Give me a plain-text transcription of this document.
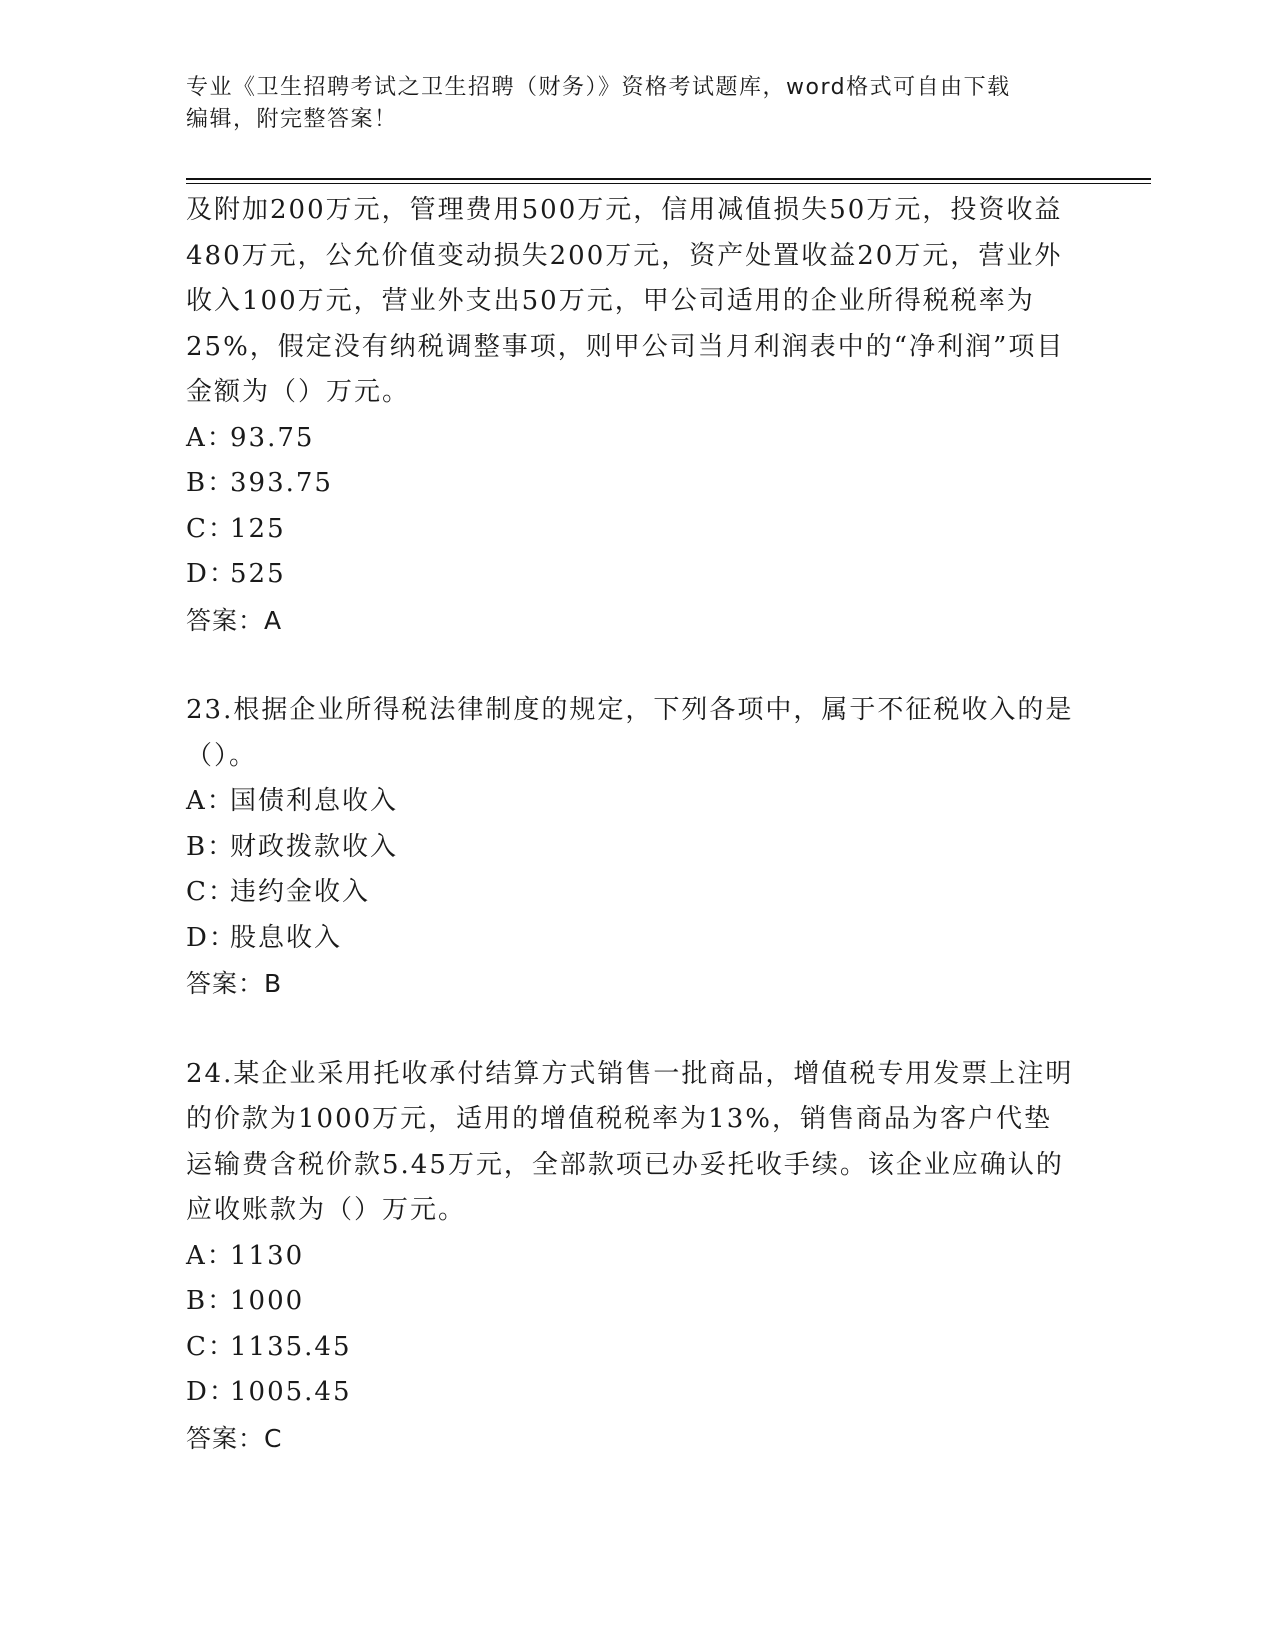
专业《卫生招聘考试之卫生招聘（财务）》资格考试题库，word格式可自由下载
编辑，附完整答案！

及附加200万元，管理费用500万元，信用减值损失50万元，投资收益480万元，公允价值变动损失200万元，资产处置收益20万元，营业外收入100万元，营业外支出50万元，甲公司适用的企业所得税税率为25%，假定没有纳税调整事项，则甲公司当月利润表中的“净利润”项目金额为（）万元。

A：93.75

B：393.75

C：125

D：525

答案：A

23.根据企业所得税法律制度的规定，下列各项中，属于不征税收入的是（）。

A：国债利息收入

B：财政拨款收入

C：违约金收入

D：股息收入

答案：B

24.某企业采用托收承付结算方式销售一批商品，增值税专用发票上注明的价款为1000万元，适用的增值税税率为13%，销售商品为客户代垫运输费含税价款5.45万元，全部款项已办妥托收手续。该企业应确认的应收账款为（）万元。

A：1130

B：1000

C：1135.45

D：1005.45

答案：C
